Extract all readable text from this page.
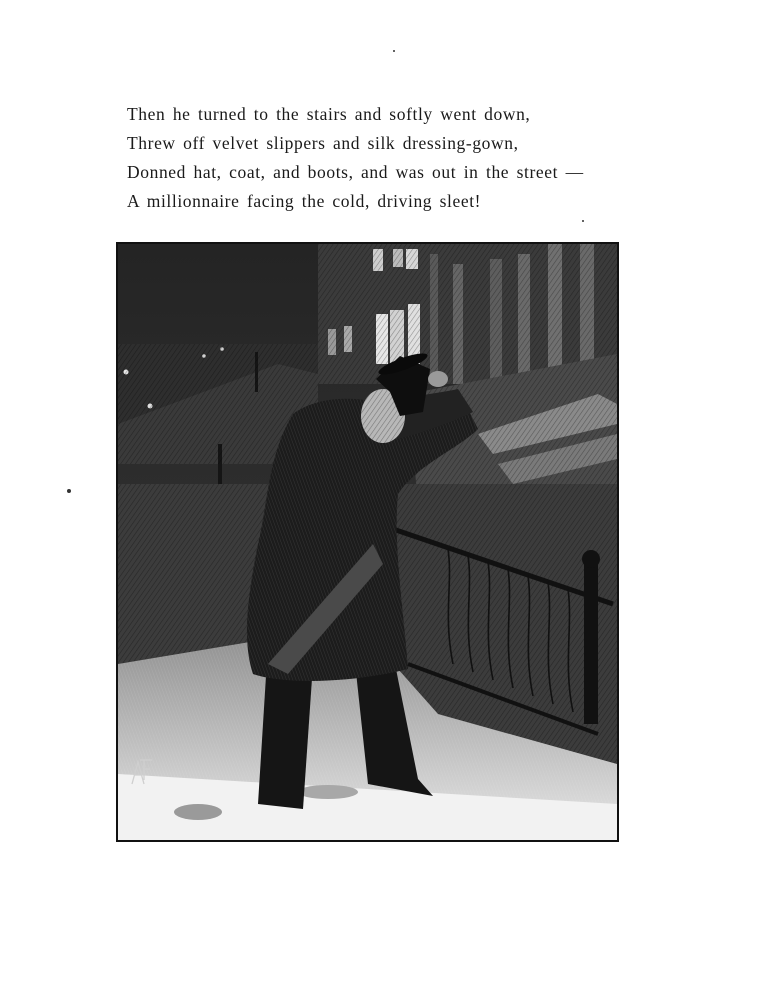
Then he turned to the stairs and softly went down,
Threw off velvet slippers and silk dressing-gown,
Donned hat, coat, and boots, and was out in the street —
A millionnaire facing the cold, driving sleet!
